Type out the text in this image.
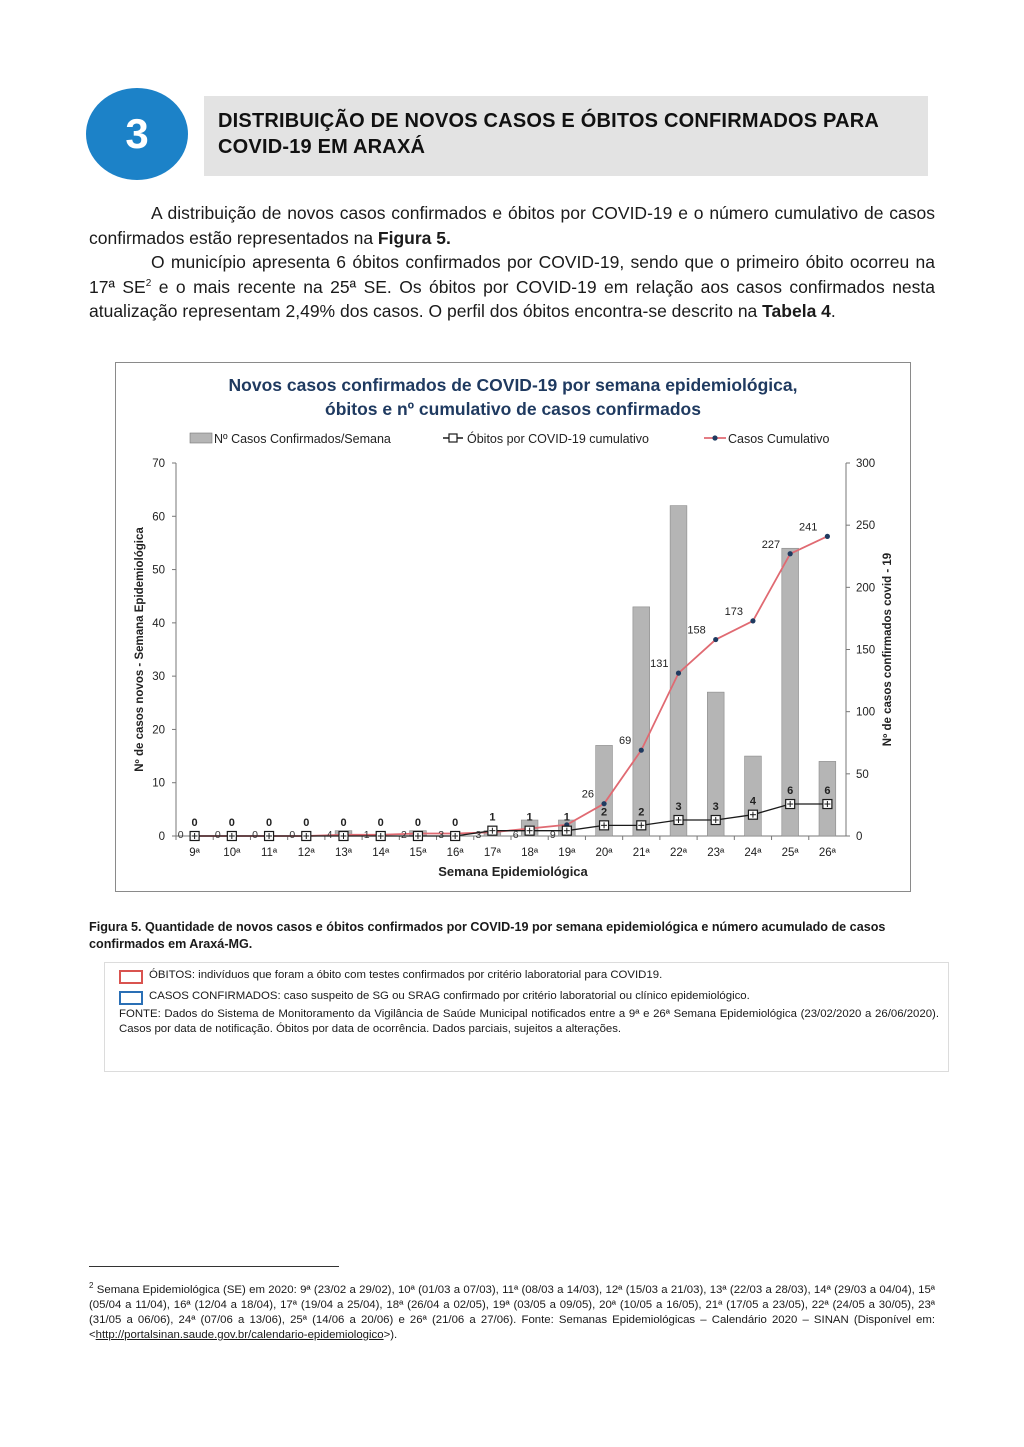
3	DISTRIBUIÇÃO DE NOVOS CASOS E ÓBITOS CONFIRMADOS PARA
COVID-19 EM ARAXÁ

A distribuição de novos casos confirmados e óbitos por COVID-19 e o número cumulativo de casos confirmados estão representados na Figura 5.

O município apresenta 6 óbitos confirmados por COVID-19, sendo que o primeiro óbito ocorreu na 17ª $SE^2$ e o mais recente na 25ª SE. Os óbitos por COVID-19 em relação aos casos confirmados nesta atualização representam 2,49% dos casos. O perfil dos óbitos encontra-se descrito na Tabela 4.

Novos casos confirmados de COVID-19 por semana epidemiológica,
óbitos e nº cumulativo de casos confirmados
Nº Casos Confirmados/Semana	Óbitos por COVID-19 cumulativo	Casos Cumulativo
0
10
20
30
40
50
60
70
0
50
100
150
200
250
300
9ª 10ª 11ª 12ª 13ª 14ª 15ª 16ª 17ª 18ª 19ª 20ª 21ª 22ª 23ª 24ª 25ª 26ª
0	0	0	0	0	0	0	0	1	1	1	2	2	3	3	4
6	6
0	0	0	0	4	1	2	3	3	6	9
26
69
131
158
173
227
241
Semana Epidemiológica
Nº de casos novos - Semana Epidemiológica	Nº de casos confirmados covid - 19
Figura 5. Quantidade de novos casos e óbitos confirmados por COVID-19 por semana epidemiológica e número acumulado de casos confirmados em Araxá-MG.
ÓBITOS: indivíduos que foram a óbito com testes confirmados por critério laboratorial para COVID19.
CASOS CONFIRMADOS: caso suspeito de SG ou SRAG confirmado por critério laboratorial ou clínico epidemiológico.
FONTE: Dados do Sistema de Monitoramento da Vigilância de Saúde Municipal notificados entre a 9ª e 26ª Semana Epidemiológica (23/02/2020 a 26/06/2020). Casos por data de notificação. Óbitos por data de ocorrência. Dados parciais, sujeitos a alterações.
$^2$ Semana Epidemiológica (SE) em 2020: 9ª (23/02 a 29/02), 10ª (01/03 a 07/03), 11ª (08/03 a 14/03), 12ª (15/03 a 21/03), 13ª (22/03 a 28/03), 14ª (29/03 a 04/04), 15ª (05/04 a 11/04), 16ª (12/04 a 18/04), 17ª (19/04 a 25/04), 18ª (26/04 a 02/05), 19ª (03/05 a 09/05), 20ª (10/05 a 16/05), 21ª (17/05 a 23/05), 22ª (24/05 a 30/05), 23ª (31/05 a 06/06), 24ª (07/06 a 13/06), 25ª (14/06 a 20/06) e 26ª (21/06 a 27/06). Fonte: Semanas Epidemiológicas – Calendário 2020 – SINAN (Disponível em:<http://portalsinan.saude.gov.br/calendario-epidemiologico>).
